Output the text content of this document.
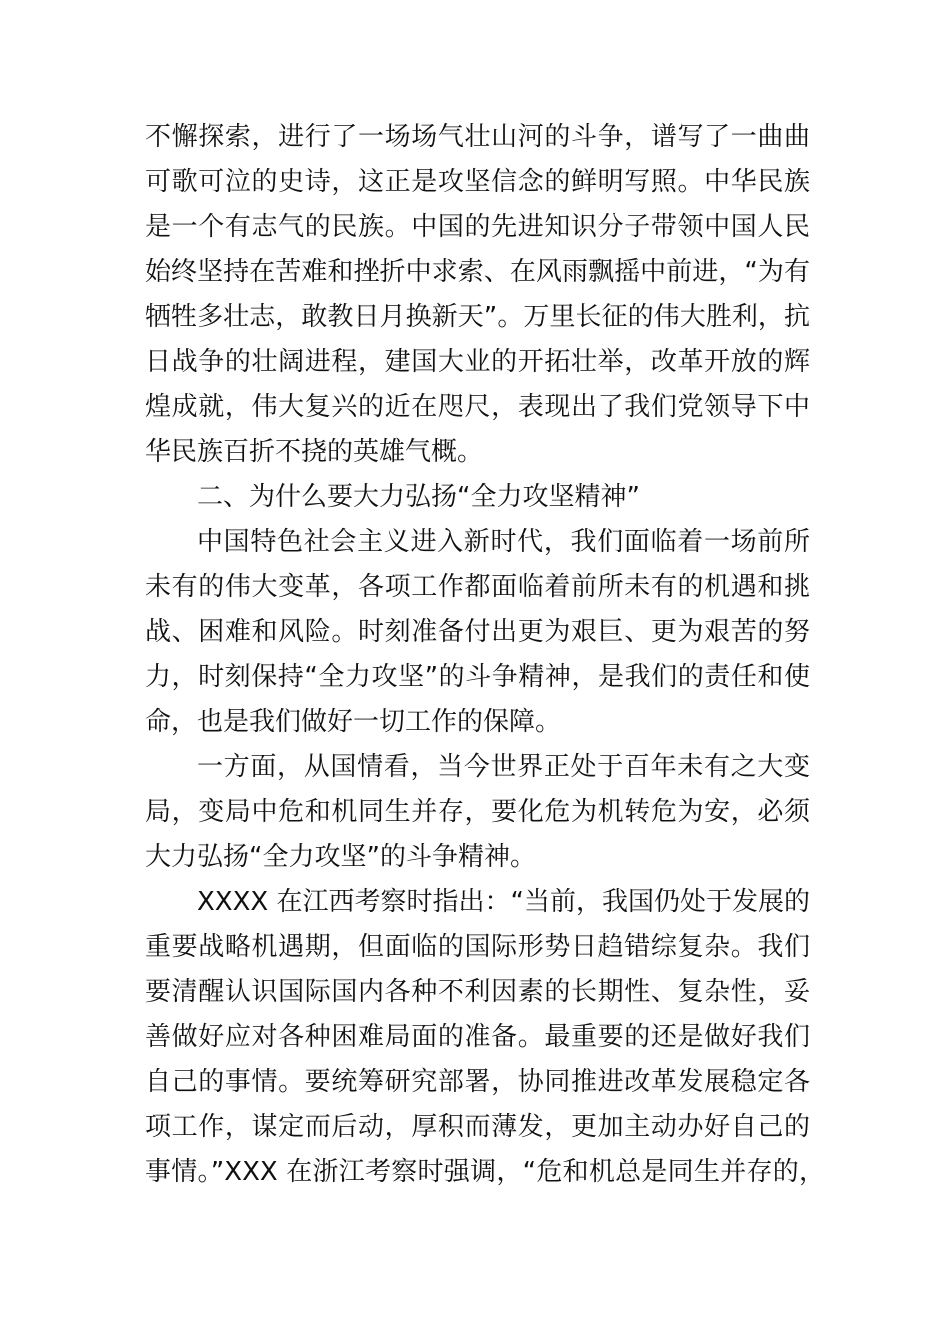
不懈探索，进行了一场场气壮山河的斗争，谱写了一曲曲
可歌可泣的史诗，这正是攻坚信念的鲜明写照。中华民族
是一个有志气的民族。中国的先进知识分子带领中国人民
始终坚持在苦难和挫折中求索、在风雨飘摇中前进，“为有
牺牲多壮志，敢教日月换新天”。万里长征的伟大胜利，抗
日战争的壮阔进程，建国大业的开拓壮举，改革开放的辉
煌成就，伟大复兴的近在咫尺，表现出了我们党领导下中
华民族百折不挠的英雄气概。
二、为什么要大力弘扬“全力攻坚精神”
中国特色社会主义进入新时代，我们面临着一场前所
未有的伟大变革，各项工作都面临着前所未有的机遇和挑
战、困难和风险。时刻准备付出更为艰巨、更为艰苦的努
力，时刻保持“全力攻坚”的斗争精神，是我们的责任和使
命，也是我们做好一切工作的保障。
一方面，从国情看，当今世界正处于百年未有之大变
局，变局中危和机同生并存，要化危为机转危为安，必须
大力弘扬“全力攻坚”的斗争精神。
XXXX 在江西考察时指出：“当前，我国仍处于发展的
重要战略机遇期，但面临的国际形势日趋错综复杂。我们
要清醒认识国际国内各种不利因素的长期性、复杂性，妥
善做好应对各种困难局面的准备。最重要的还是做好我们
自己的事情。要统筹研究部署，协同推进改革发展稳定各
项工作，谋定而后动，厚积而薄发，更加主动办好自己的
事情。”XXX 在浙江考察时强调，“危和机总是同生并存的，
